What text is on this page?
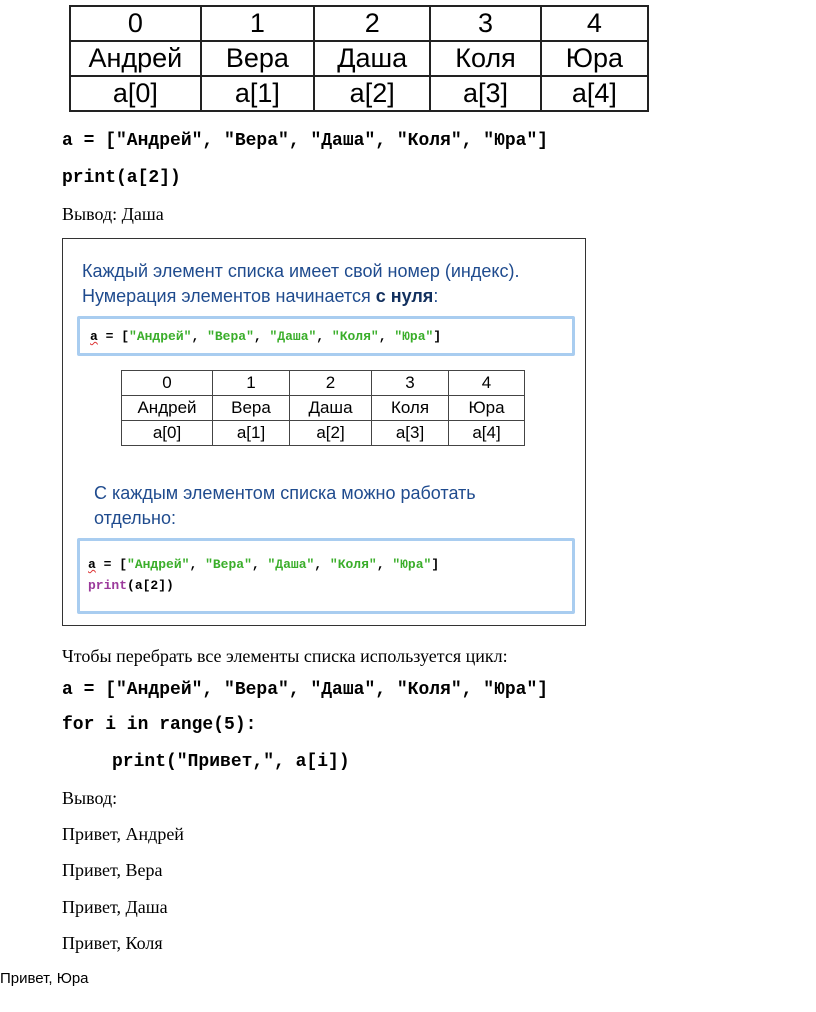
0	1	2	3	4
Андрей	Вера	Даша	Коля	Юра
a[0]	a[1]	a[2]	a[3]	a[4]
a = ["Андрей", "Вера", "Даша", "Коля", "Юра"]
print(a[2])
Вывод: Даша
Каждый элемент списка имеет свой номер (индекс).
Нумерация элементов начинается с нуля:
a = ["Андрей", "Вера", "Даша", "Коля", "Юра"]
0	1	2	3	4
Андрей	Вера	Даша	Коля	Юра
a[0]	a[1]	a[2]	a[3]	a[4]
С каждым элементом списка можно работать
отдельно:
a = ["Андрей", "Вера", "Даша", "Коля", "Юра"]
print(a[2])
Чтобы перебрать все элементы списка используется цикл:
a = ["Андрей", "Вера", "Даша", "Коля", "Юра"]
for i in range(5):
print("Привет,", a[i])
Вывод:
Привет, Андрей
Привет, Вера
Привет, Даша
Привет, Коля
Привет, Юра
